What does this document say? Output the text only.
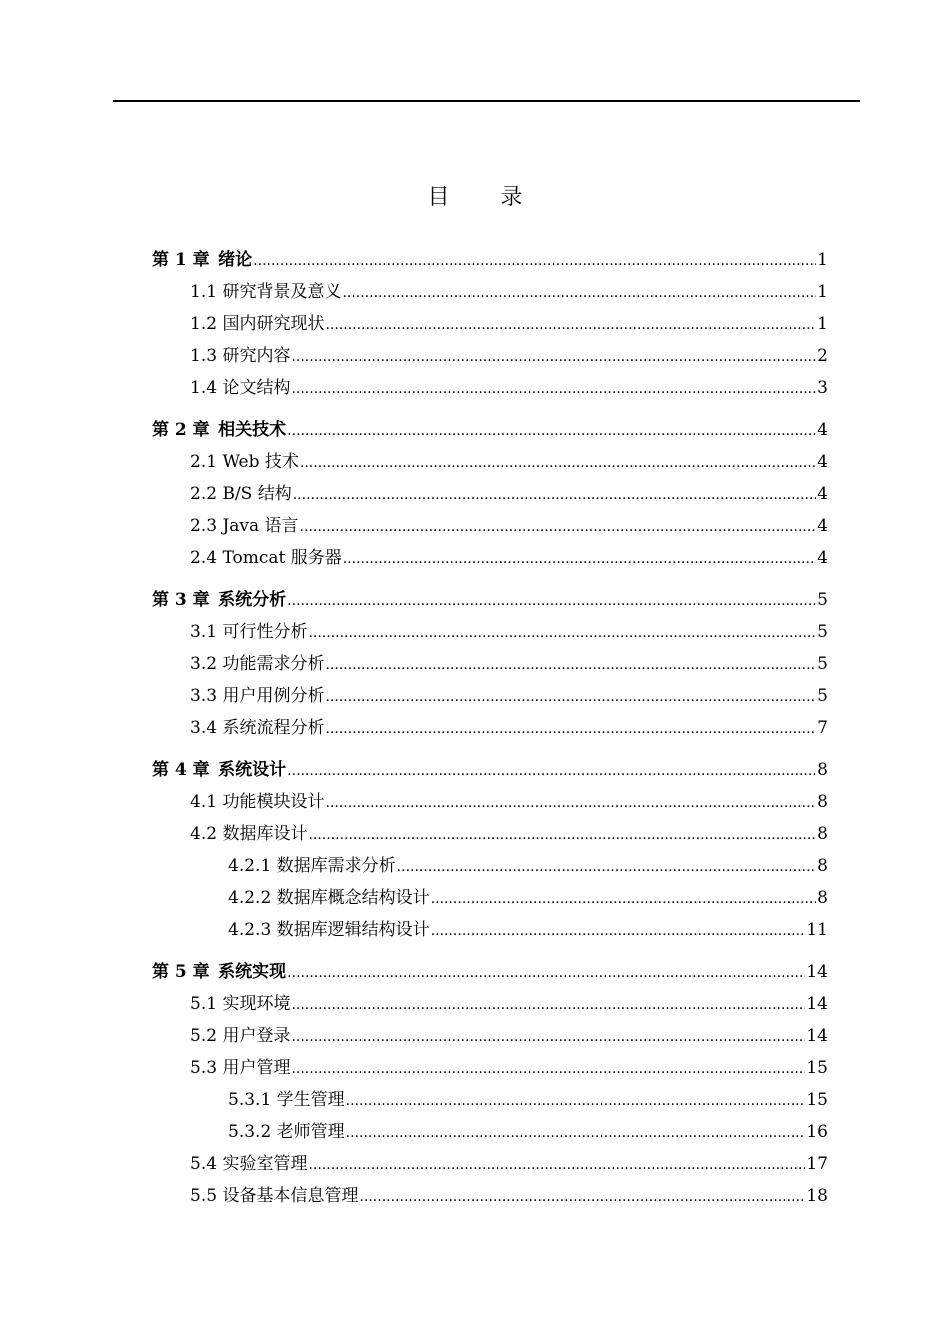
目 录
第 1 章  绪论 .....	1
1.1 研究背景及意义 .....	1
1.2 国内研究现状 .....	1
1.3 研究内容 .....	2
1.4 论文结构 .....	3
第 2 章  相关技术 .....	4
2.1 Web 技术 .....	4
2.2 B/S 结构 .....	4
2.3 Java 语言 .....	4
2.4 Tomcat 服务器 .....	4
第 3 章  系统分析 .....	5
3.1 可行性分析 .....	5
3.2 功能需求分析 .....	5
3.3 用户用例分析 .....	5
3.4 系统流程分析 .....	7
第 4 章  系统设计 .....	8
4.1 功能模块设计 .....	8
4.2 数据库设计 .....	8
4.2.1 数据库需求分析 .....	8
4.2.2 数据库概念结构设计 .....	8
4.2.3 数据库逻辑结构设计 .....	11
第 5 章  系统实现 .....	14
5.1 实现环境 .....	14
5.2 用户登录 .....	14
5.3 用户管理 .....	15
5.3.1 学生管理 .....	15
5.3.2 老师管理 .....	16
5.4 实验室管理 .....	17
5.5 设备基本信息管理 .....	18
